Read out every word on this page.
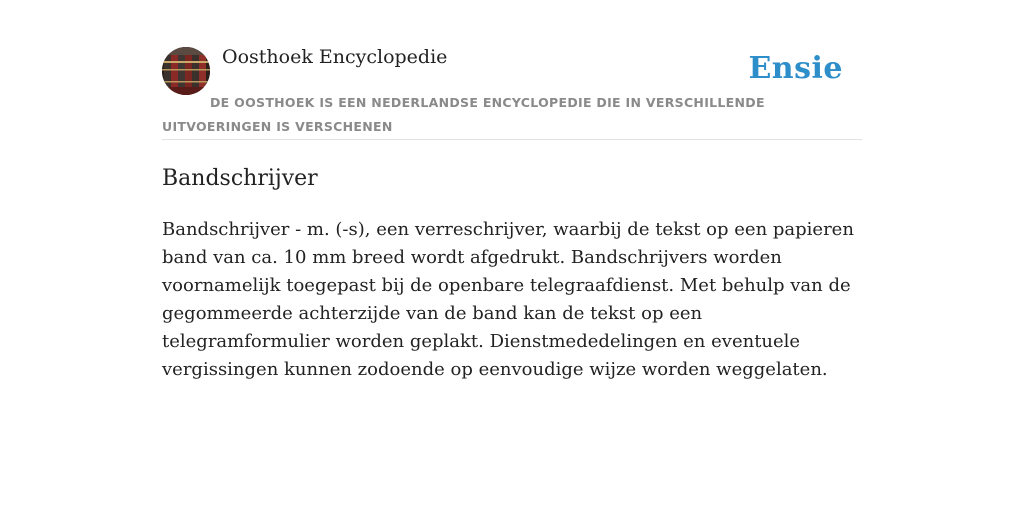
Oosthoek Encyclopedie	Ensie
DE OOSTHOEK IS EEN NEDERLANDSE ENCYCLOPEDIE DIE IN VERSCHILLENDE UITVOERINGEN IS VERSCHENEN
Bandschrijver

Bandschrijver - m. (-s), een verreschrijver, waarbij de tekst op een papieren band van ca. 10 mm breed wordt afgedrukt. Bandschrijvers worden voornamelijk toegepast bij de openbare telegraafdienst. Met behulp van de gegommeerde achterzijde van de band kan de tekst op een telegramformulier worden geplakt. Dienstmededelingen en eventuele vergissingen kunnen zodoende op eenvoudige wijze worden weggelaten.
